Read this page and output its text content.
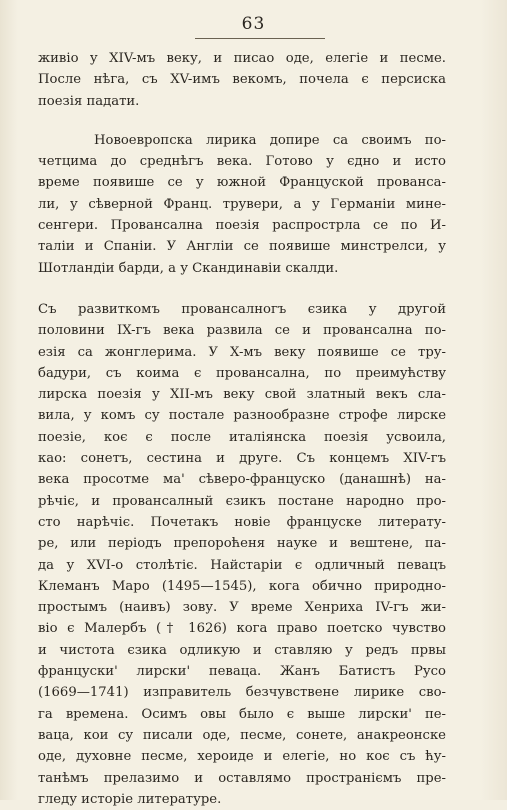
63
живіо у XIV-мъ веку, и писао оде, елегіе и песме.
После нѣга, съ XV-имъ векомъ, почела є персиска
поезія падати.
Новоевропска лирика допире са своимъ по-
четцима до среднѣгъ века. Готово у єдно и исто
време появише се у южной Француской провансa-
ли, у сѣверной Франц. трувери, а у Германіи мине-
сенгери. Провансална поезія распрострла се по И-
таліи и Спаніи. У Англіи се появише минстрелси, у
Шотландіи барди, а у Скандинавіи скалди.
Съ развиткомъ провансалногъ єзика у другой
половини IX-гъ века развила се и провансална по-
езія са жонглерима. У X-мъ веку появише се тру-
бадури, съ коима є провансална, по преимућству
лирска поезія у XII-мъ веку свой златный векъ сла-
вила, у комъ су постале разнообразне строфе лирске
поезіе, коє є после италіянска поезія усвоила,
као: сонетъ, сестина и друге. Съ концемъ XIV-гъ
века просотме ма' сѣверо-францускo (данашнѣ) на-
рѣчіє, и провансалный єзикъ постане народно про-
сто нарѣчіє. Почетакъ новіе француске литерату-
ре, или періодъ препороћеня науке и вештене, па-
да у XVI-о столѣтіє. Найстаріи є одличный певацъ
Клеманъ Маро (1495—1545), кога обично природно-
простымъ (наивъ) зову. У време Хенриха IV-гъ жи-
віо є Малербъ († 1626) кога право поетско чувство
и чистота єзика одликую и ставляю у редъ првы
француски' лирски' певаца. Жанъ Батистъ Русо
(1669—1741) изправитель безчувствене лирике сво-
га времена. Осимъ овы было є выше лирски' пе-
ваца, кои су писали оде, песме, сонете, анакреонске
оде, духовне песме, хероиде и елегіе, но коє съ ћу-
танѣмъ прелазимо и оставлямо пространіємъ пре-
гледу исторіе литературе.
